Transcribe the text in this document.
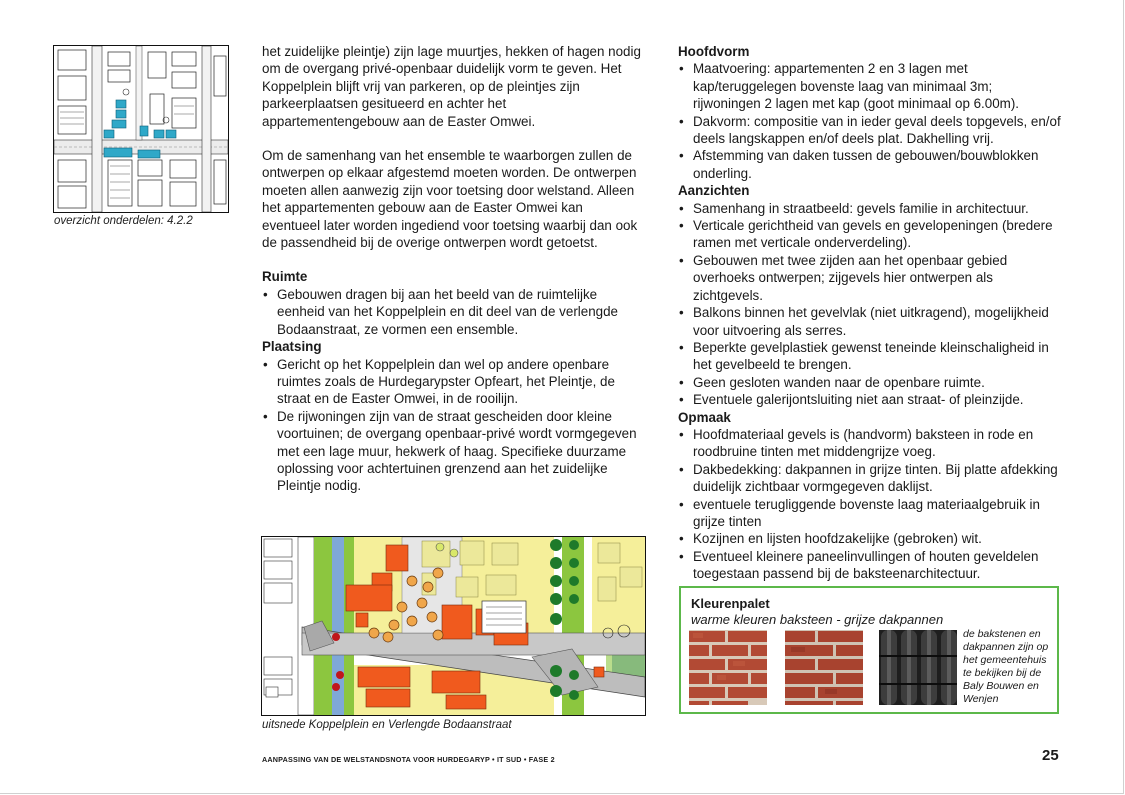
overzicht onderdelen: 4.2.2

het zuidelijke pleintje) zijn lage muurtjes, hekken of hagen nodig om de overgang privé-openbaar duidelijk vorm te geven. Het Koppelplein blijft vrij van parkeren, op de pleintjes zijn parkeerplaatsen gesitueerd en achter het appartementengebouw aan de Easter Omwei.

Om de samenhang van het ensemble te waarborgen zullen de ontwerpen op elkaar afgestemd moeten worden. De ontwerpen moeten allen aanwezig zijn voor toetsing door welstand. Alleen het appartementen gebouw aan de Easter Omwei kan eventueel later worden ingediend voor toetsing waarbij dan ook de passendheid bij de overige ontwerpen wordt getoetst.

Ruimte
• Gebouwen dragen bij aan het beeld van de ruimtelijke eenheid van het Koppelplein en dit deel van de verlengde Bodaanstraat, ze vormen een ensemble.
Plaatsing
• Gericht op het Koppelplein dan wel op andere openbare ruimtes zoals de Hurdegarypster Opfeart, het Pleintje, de straat en de Easter Omwei, in de rooilijn.
• De rijwoningen zijn van de straat gescheiden door kleine voortuinen; de overgang openbaar-privé wordt vormgegeven met een lage muur, hekwerk of haag. Specifieke duurzame oplossing voor achtertuinen grenzend aan het zuidelijke Pleintje nodig.
uitsnede Koppelplein en Verlengde Bodaanstraat
Hoofdvorm
• Maatvoering: appartementen 2 en 3 lagen met kap/teruggelegen bovenste laag van minimaal 3m; rijwoningen 2 lagen met kap (goot minimaal op 6.00m).
• Dakvorm: compositie van in ieder geval deels topgevels, en/of deels langskappen en/of deels plat. Dakhelling vrij.
• Afstemming van daken tussen de gebouwen/bouwblokken onderling.
Aanzichten
• Samenhang in straatbeeld: gevels familie in architectuur.
• Verticale gerichtheid van gevels en gevelopeningen (bredere ramen met verticale onderverdeling).
• Gebouwen met twee zijden aan het openbaar gebied overhoeks ontwerpen; zijgevels hier ontwerpen als zichtgevels.
• Balkons binnen het gevelvlak (niet uitkragend), mogelijkheid voor uitvoering als serres.
• Beperkte gevelplastiek gewenst teneinde kleinschaligheid in het gevelbeeld te brengen.
• Geen gesloten wanden naar de openbare ruimte.
• Eventuele galerijontsluiting niet aan straat- of pleinzijde.
Opmaak
• Hoofdmateriaal gevels is (handvorm) baksteen in rode en roodbruine tinten met middengrijze voeg.
• Dakbedekking: dakpannen in grijze tinten. Bij platte afdekking duidelijk zichtbaar vormgegeven daklijst.
• eventuele terugliggende bovenste laag materiaalgebruik in grijze tinten
• Kozijnen en lijsten hoofdzakelijke (gebroken) wit.
• Eventueel kleinere paneelinvullingen of houten geveldelen toegestaan passend bij de baksteenarchitectuur.
Kleurenpalet
warme kleuren baksteen - grijze dakpannen
de bakstenen en dakpannen zijn op het gemeentehuis te bekijken bij de Baly Bouwen en Wenjen
AANPASSING VAN DE WELSTANDSNOTA VOOR HURDEGARYP • IT SUD • FASE 2	25
